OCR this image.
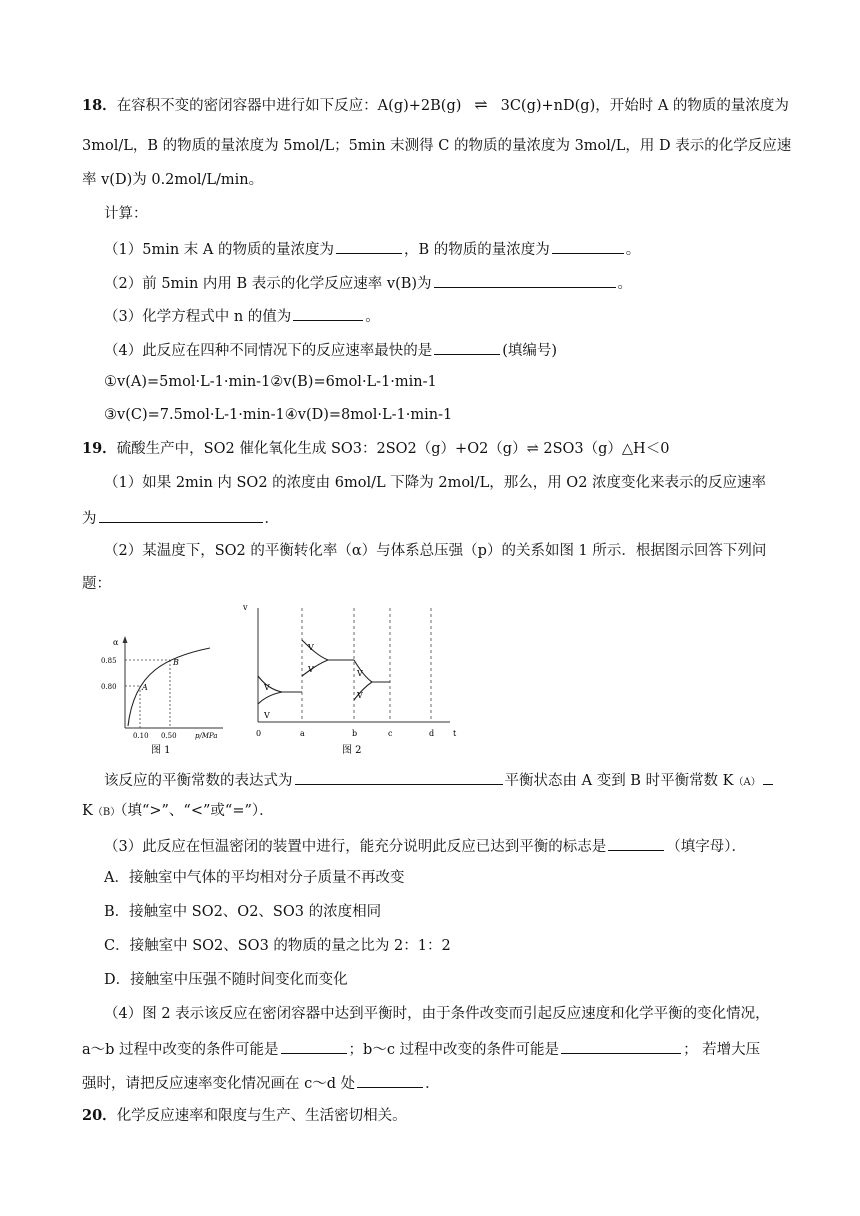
18．在容积不变的密闭容器中进行如下反应：A(g)+2B(g) ⇌ 3C(g)+nD(g)，开始时 A 的物质的量浓度为
3mol/L，B 的物质的量浓度为 5mol/L；5min 末测得 C 的物质的量浓度为 3mol/L，用 D 表示的化学反应速
率 v(D)为 0.2mol/L/min。
计算：
（1）5min 末 A 的物质的量浓度为	，B 的物质的量浓度为	。
（2）前 5min 内用 B 表示的化学反应速率 v(B)为	。
（3）化学方程式中 n 的值为	。
（4）此反应在四种不同情况下的反应速率最快的是	(填编号)
①v(A)=5mol·L-1·min-1②v(B)=6mol·L-1·min-1
③v(C)=7.5mol·L-1·min-1④v(D)=8mol·L-1·min-1
19．硫酸生产中，SO2 催化氧化生成 SO3：2SO2（g）+O2（g）⇌ 2SO3（g）△H＜0
（1）如果 2min 内 SO2 的浓度由 6mol/L 下降为 2mol/L，那么，用 O2 浓度变化来表示的反应速率
为	．
（2）某温度下，SO2 的平衡转化率（α）与体系总压强（p）的关系如图 1 所示．根据图示回答下列问
题：
α
0.85
0.80	A
B
0.10 0.50	p/MPa
图 1
v
V
V
V
V	V
V
0	a	b	c	d t
图 2
该反应的平衡常数的表达式为	平衡状态由 A 变到 B 时平衡常数 K（A）
K（B）（填“>”、“<”或“=”）．
（3）此反应在恒温密闭的装置中进行，能充分说明此反应已达到平衡的标志是	（填字母）．
A．接触室中气体的平均相对分子质量不再改变
B．接触室中 SO2、O2、SO3 的浓度相同
C．接触室中 SO2、SO3 的物质的量之比为 2：1：2
D．接触室中压强不随时间变化而变化
（4）图 2 表示该反应在密闭容器中达到平衡时，由于条件改变而引起反应速度和化学平衡的变化情况，
a～b 过程中改变的条件可能是	；b～c 过程中改变的条件可能是	； 若增大压
强时，请把反应速率变化情况画在 c～d 处	．
20．化学反应速率和限度与生产、生活密切相关。
